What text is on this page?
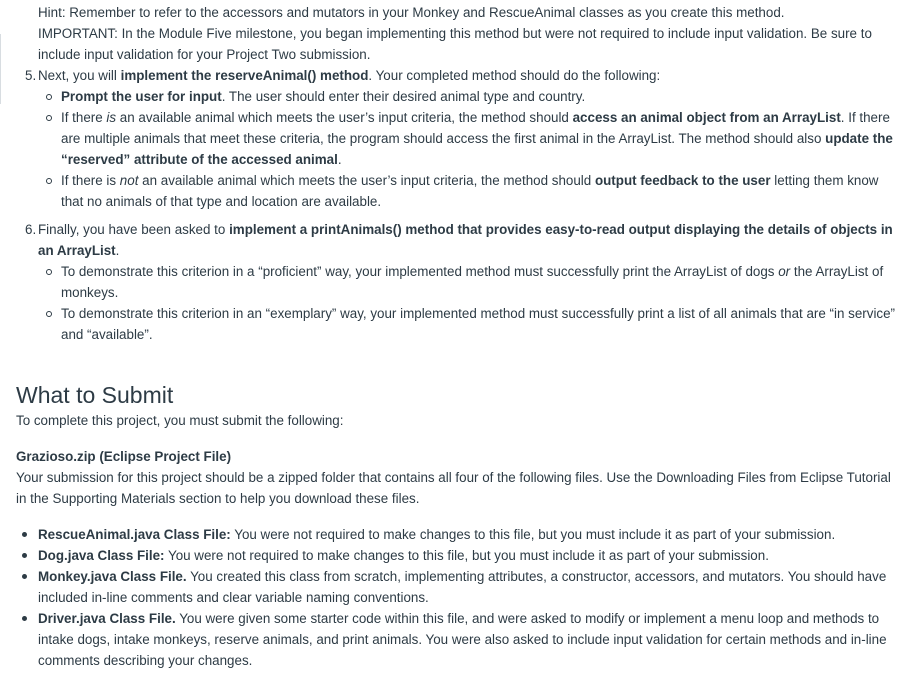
Hint: Remember to refer to the accessors and mutators in your Monkey and RescueAnimal classes as you create this method.

IMPORTANT: In the Module Five milestone, you began implementing this method but were not required to include input validation. Be sure to include input validation for your Project Two submission.

5. Next, you will implement the reserveAnimal() method. Your completed method should do the following:
Prompt the user for input. The user should enter their desired animal type and country.
If there is an available animal which meets the user’s input criteria, the method should access an animal object from an ArrayList. If there are multiple animals that meet these criteria, the program should access the first animal in the ArrayList. The method should also update the “reserved” attribute of the accessed animal.
If there is not an available animal which meets the user’s input criteria, the method should output feedback to the user letting them know that no animals of that type and location are available.
6. Finally, you have been asked to implement a printAnimals() method that provides easy-to-read output displaying the details of objects in an ArrayList.
To demonstrate this criterion in a “proficient” way, your implemented method must successfully print the ArrayList of dogs or the ArrayList of monkeys.
To demonstrate this criterion in an “exemplary” way, your implemented method must successfully print a list of all animals that are “in service” and “available”.
What to Submit

To complete this project, you must submit the following:

Grazioso.zip (Eclipse Project File)

Your submission for this project should be a zipped folder that contains all four of the following files. Use the Downloading Files from Eclipse Tutorial in the Supporting Materials section to help you download these files.

RescueAnimal.java Class File: You were not required to make changes to this file, but you must include it as part of your submission.
Dog.java Class File: You were not required to make changes to this file, but you must include it as part of your submission.
Monkey.java Class File. You created this class from scratch, implementing attributes, a constructor, accessors, and mutators. You should have included in-line comments and clear variable naming conventions.
Driver.java Class File. You were given some starter code within this file, and were asked to modify or implement a menu loop and methods to intake dogs, intake monkeys, reserve animals, and print animals. You were also asked to include input validation for certain methods and in-line comments describing your changes.
